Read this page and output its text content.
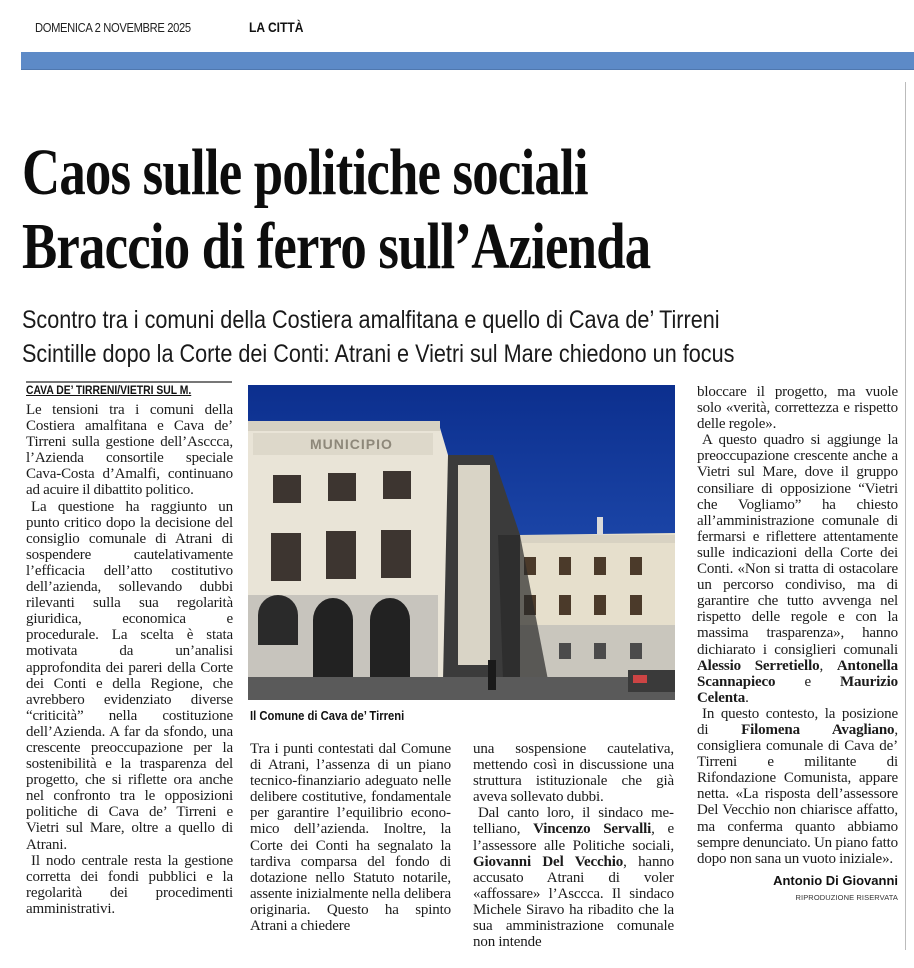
DOMENICA 2 NOVEMBRE 2025	LA CITTÀ
Caos sulle politiche sociali
Braccio di ferro sull’Azienda
Scontro tra i comuni della Costiera amalfitana e quello di Cava de’ Tirreni
Scintille dopo la Corte dei Conti: Atrani e Vietri sul Mare chiedono un focus
CAVA DE’ TIRRENI/VIETRI SUL M.

Le tensioni tra i comuni della Costiera amalfitana e Cava de’ Tirreni sulla gestione dell’Asccca, l’Azienda consortile speciale Cava-Costa d’Amalfi, continuano ad acuire il dibattito politico.

La questione ha raggiunto un punto critico dopo la decisione del consiglio comunale di Atrani di sospendere cautelativamente l’efficacia dell’atto costitutivo dell’azienda, sollevando dubbi rilevanti sulla sua regolarità giuridica, economica e procedurale. La scelta è stata motivata da un’analisi approfondita dei pareri della Corte dei Conti e della Regione, che avrebbero evidenziato diverse “criticità” nella costituzione dell’Azienda. A far da sfondo, una crescente preoccupazione per la sostenibilità e la trasparenza del progetto, che si riflette ora anche nel confronto tra le opposizioni politiche di Cava de’ Tirreni e Vietri sul Mare, oltre a quello di Atrani.

Il nodo centrale resta la gestione corretta dei fondi pubblici e la regolarità dei procedimenti amministrativi.

MUNICIPIO
Il Comune di Cava de’ Tirreni

Tra i punti contestati dal Comune di Atrani, l’assenza di un piano tecnico-finanziario adeguato nelle delibere costitutive, fondamentale per garantire l’equilibrio economico dell’azienda. Inoltre, la Corte dei Conti ha segnalato la tardiva comparsa del fondo di dotazione nello Statuto notarile, assente inizialmente nella delibera originaria. Questo ha spinto Atrani a chiedere

una sospensione cautelativa, mettendo così in discussione una struttura istituzionale che già aveva sollevato dubbi.

Dal canto loro, il sindaco metelliano, Vincenzo Servalli, e l’assessore alle Politiche sociali, Giovanni Del Vecchio, hanno accusato Atrani di voler «affossare» l’Asccca. Il sindaco Michele Siravo ha ribadito che la sua amministrazione comunale non intende

bloccare il progetto, ma vuole solo «verità, correttezza e rispetto delle regole».

A questo quadro si aggiunge la preoccupazione crescente anche a Vietri sul Mare, dove il gruppo consiliare di opposizione “Vietri che Vogliamo” ha chiesto all’amministrazione comunale di fermarsi e riflettere attentamente sulle indicazioni della Corte dei Conti. «Non si tratta di ostacolare un percorso condiviso, ma di garantire che tutto avvenga nel rispetto delle regole e con la massima trasparenza», hanno dichiarato i consiglieri comunali Alessio Serretiello, Antonella Scannapieco e Maurizio Celenta.

In questo contesto, la posizione di Filomena Avagliano, consigliera comunale di Cava de’ Tirreni e militante di Rifondazione Comunista, appare netta. «La risposta dell’assessore Del Vecchio non chiarisce affatto, ma conferma quanto abbiamo sempre denunciato. Un piano fatto dopo non sana un vuoto iniziale».

Antonio Di Giovanni
RIPRODUZIONE RISERVATA
